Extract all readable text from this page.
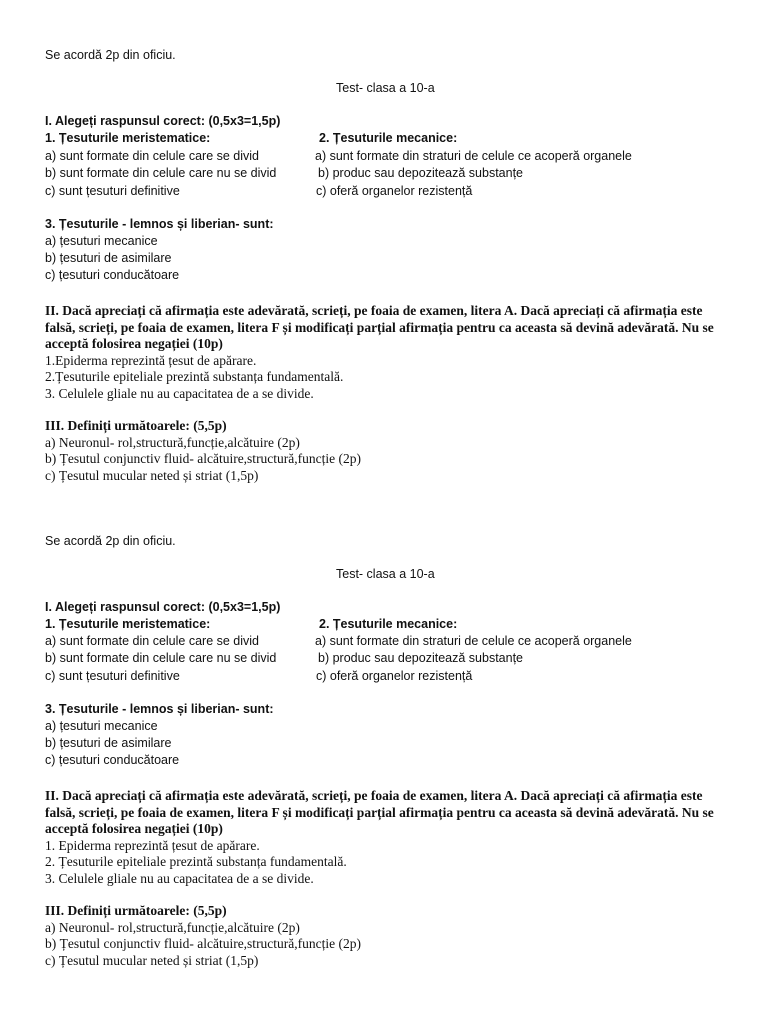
Se acordă 2p din oficiu.
Test- clasa a 10-a
I. Alegeți raspunsul corect: (0,5x3=1,5p)
1. Țesuturile meristematice:	2. Țesuturile mecanice:
a) sunt formate din celule care se divid	a) sunt formate din straturi de celule ce acoperă organele
b) sunt formate din celule care nu se divid	b) produc sau depozitează substanțe
c) sunt țesuturi definitive	c) oferă organelor rezistență
3. Țesuturile - lemnos și liberian- sunt:
a) țesuturi mecanice
b) țesuturi de asimilare
c) țesuturi conducătoare
II. Dacă apreciați că afirmația este adevărată, scrieți, pe foaia de examen, litera A. Dacă apreciați că afirmația este falsă, scrieți, pe foaia de examen, litera F și modificați parțial afirmația pentru ca aceasta să devină adevărată. Nu se acceptă folosirea negației (10p)
1.Epiderma reprezintă țesut de apărare.
2.Țesuturile epiteliale prezintă substanța fundamentală.
3. Celulele gliale nu au capacitatea de a se divide.
III. Definiți următoarele: (5,5p)
a) Neuronul- rol,structură,funcție,alcătuire (2p)
b) Țesutul conjunctiv fluid- alcătuire,structură,funcție (2p)
c) Țesutul mucular neted și striat (1,5p)
Se acordă 2p din oficiu.
Test- clasa a 10-a
I. Alegeți raspunsul corect: (0,5x3=1,5p)
1. Țesuturile meristematice:	2. Țesuturile mecanice:
a) sunt formate din celule care se divid	a) sunt formate din straturi de celule ce acoperă organele
b) sunt formate din celule care nu se divid	b) produc sau depozitează substanțe
c) sunt țesuturi definitive	c) oferă organelor rezistență
3. Țesuturile - lemnos și liberian- sunt:
a) țesuturi mecanice
b) țesuturi de asimilare
c) țesuturi conducătoare
II. Dacă apreciați că afirmația este adevărată, scrieți, pe foaia de examen, litera A. Dacă apreciați că afirmația este falsă, scrieți, pe foaia de examen, litera F și modificați parțial afirmația pentru ca aceasta să devină adevărată. Nu se acceptă folosirea negației (10p)
1. Epiderma reprezintă țesut de apărare.
2. Țesuturile epiteliale prezintă substanța fundamentală.
3. Celulele gliale nu au capacitatea de a se divide.
III. Definiți următoarele: (5,5p)
a) Neuronul- rol,structură,funcție,alcătuire (2p)
b) Țesutul conjunctiv fluid- alcătuire,structură,funcție (2p)
c) Țesutul mucular neted și striat (1,5p)
